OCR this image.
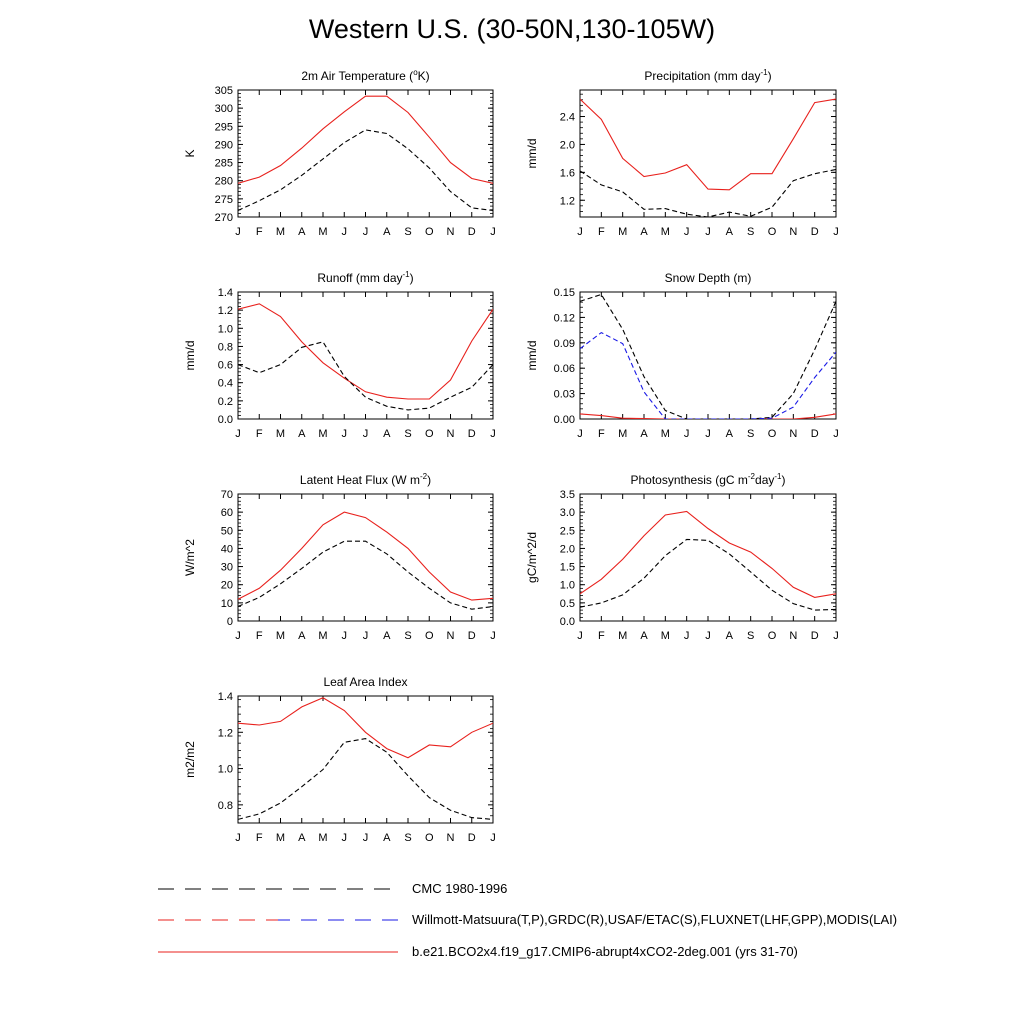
Western U.S. (30-50N,130-105W)
2m Air Temperature ($^o$K)
J F M A M J J A S O N D J
270
275
280
285
290
295
300
305
K
Precipitation (mm day$^{-1}$)
J F M A M J J A S O N D J
1.2
1.6
2.0
2.4
mm/d
Runoff (mm day$^{-1}$)
J F M A M J J A S O N D J
0.0
0.2
0.4
0.6
0.8
1.0
1.2
1.4
mm/d
Snow Depth (m)
J F M A M J J A S O N D J
0.00
0.03
0.06
0.09
0.12
0.15
mm/d
Latent Heat Flux (W $m^{-2}$)
J F M A M J J A S O N D J
0
10
20
30
40
50
60
70
W/m^2
Photosynthesis (gC $m^{-2}day^{-1}$)
J F M A M J J A S O N D J
0.0
0.5
1.0
1.5
2.0
2.5
3.0
3.5
gC/m^2/d
Leaf Area Index
J F M A M J J A S O N D J
0.8
1.0
1.2
1.4
m2/m2
CMC 1980-1996
Willmott-Matsuura(T,P),GRDC(R),USAF/ETAC(S),FLUXNET(LHF,GPP),MODIS(LAI)
b.e21.BCO2x4.f19_g17.CMIP6-abrupt4xCO2-2deg.001 (yrs 31-70)
